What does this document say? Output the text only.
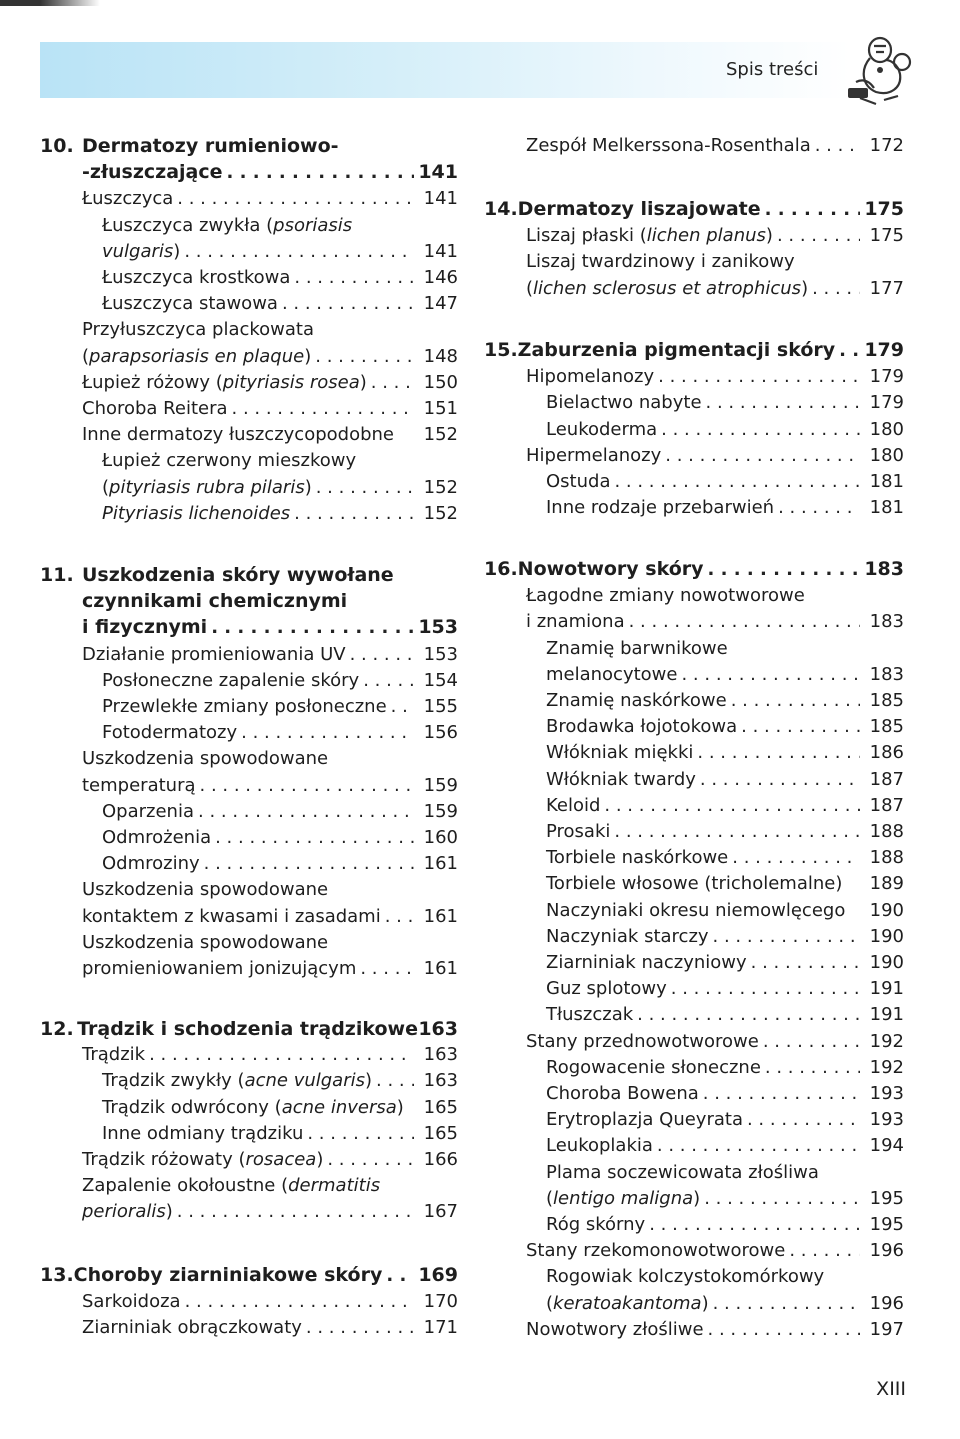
Spis treści
10. Dermatozy rumieniowo-
-złuszczające . . .	141
Łuszczyca . . .	141
Łuszczyca zwykła (psoriasis
vulgaris) . . .	141
Łuszczyca krostkowa . . .	146
Łuszczyca stawowa . . .	147
Przyłuszczyca plackowata
(parapsoriasis en plaque) . . .	148
Łupież różowy (pityriasis rosea) . . .	150
Choroba Reitera . . .	151
Inne dermatozy łuszczycopodobne	152
Łupież czerwony mieszkowy
(pityriasis rubra pilaris) . . .	152
Pityriasis lichenoides . . .	152
11. Uszkodzenia skóry wywołane
czynnikami chemicznymi
i fizycznymi . . .	153
Działanie promieniowania UV . . .	153
Posłoneczne zapalenie skóry . . .	154
Przewlekłe zmiany posłoneczne . . .	155
Fotodermatozy . . .	156
Uszkodzenia spowodowane
temperaturą . . .	159
Oparzenia . . .	159
Odmrożenia . . .	160
Odmroziny . . .	161
Uszkodzenia spowodowane
kontaktem z kwasami i zasadami . . .	161
Uszkodzenia spowodowane
promieniowaniem jonizującym . . .	161
12. Trądzik i schodzenia trądzikowe 163
Trądzik . . .	163
Trądzik zwykły (acne vulgaris) . . .	163
Trądzik odwrócony (acne inversa)	165
Inne odmiany trądziku . . .	165
Trądzik różowaty (rosacea) . . .	166
Zapalenie okołoustne (dermatitis
perioralis) . . .	167
13. Choroby ziarniniakowe skóry . . . 169
Sarkoidoza . . .	170
Ziarniniak obrączkowaty . . .	171
Zespół Melkerssona-Rosenthala . . .	172
14. Dermatozy liszajowate . . .	175
Liszaj płaski (lichen planus) . . .	175
Liszaj twardzinowy i zanikowy
(lichen sclerosus et atrophicus) . . .	177
15. Zaburzenia pigmentacji skóry . . . 179
Hipomelanozy . . .	179
Bielactwo nabyte . . .	179
Leukoderma . . .	180
Hipermelanozy . . .	180
Ostuda . . .	181
Inne rodzaje przebarwień . . .	181
16. Nowotwory skóry . . .	183
Łagodne zmiany nowotworowe
i znamiona . . .	183
Znamię barwnikowe
melanocytowe . . .	183
Znamię naskórkowe . . .	185
Brodawka łojotokowa . . .	185
Włókniak miękki . . .	186
Włókniak twardy . . .	187
Keloid . . .	187
Prosaki . . .	188
Torbiele naskórkowe . . .	188
Torbiele włosowe (tricholemalne)	189
Naczyniaki okresu niemowlęcego	190
Naczyniak starczy . . .	190
Ziarniniak naczyniowy . . .	190
Guz splotowy . . .	191
Tłuszczak . . .	191
Stany przednowotworowe . . .	192
Rogowacenie słoneczne . . .	192
Choroba Bowena . . .	193
Erytroplazja Queyrata . . .	193
Leukoplakia . . .	194
Plama soczewicowata złośliwa
(lentigo maligna) . . .	195
Róg skórny . . .	195
Stany rzekomonowotworowe . . .	196
Rogowiak kolczystokomórkowy
(keratoakantoma) . . .	196
Nowotwory złośliwe . . .	197
XIII
